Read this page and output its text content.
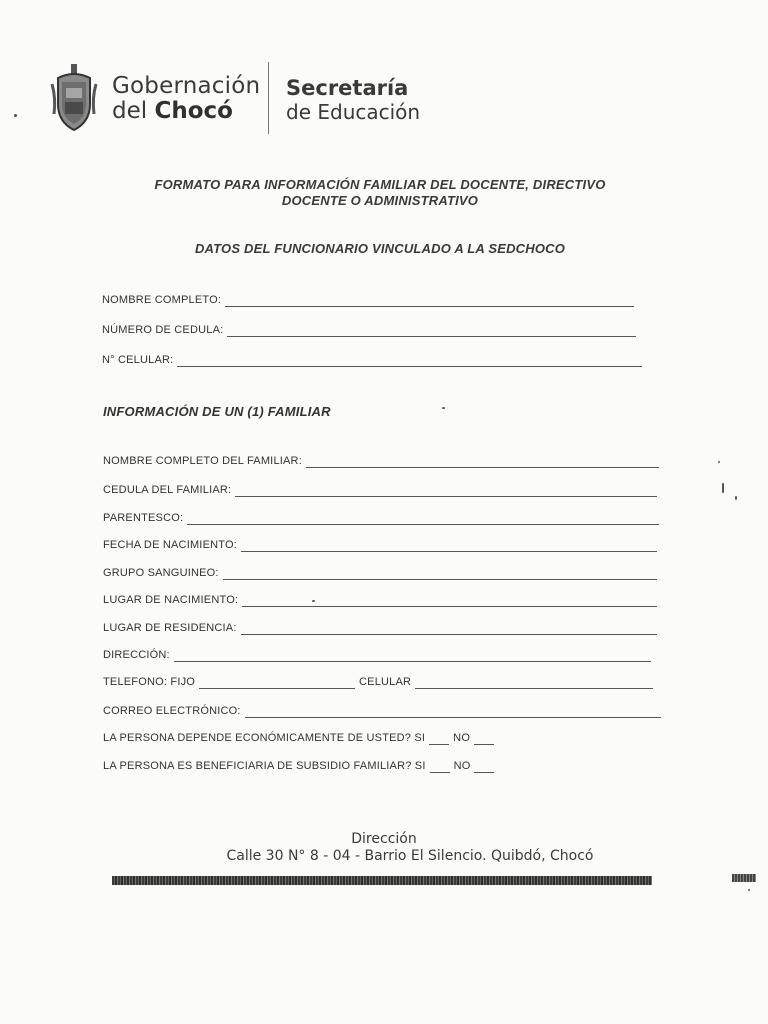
Gobernación
del Chocó
Secretaría
de Educación
FORMATO PARA INFORMACIÓN FAMILIAR DEL DOCENTE, DIRECTIVO
DOCENTE O ADMINISTRATIVO
DATOS DEL FUNCIONARIO VINCULADO A LA SEDCHOCO
NOMBRE COMPLETO:
NÚMERO DE CEDULA:
N° CELULAR:
INFORMACIÓN DE UN (1) FAMILIAR
NOMBRE COMPLETO DEL FAMILIAR:
CEDULA DEL FAMILIAR:
PARENTESCO:
FECHA DE NACIMIENTO:
GRUPO SANGUINEO:
LUGAR DE NACIMIENTO:
LUGAR DE RESIDENCIA:
DIRECCIÓN:
TELEFONO: FIJO	CELULAR
CORREO ELECTRÓNICO:
LA PERSONA DEPENDE ECONÓMICAMENTE DE USTED? SI	NO
LA PERSONA ES BENEFICIARIA DE SUBSIDIO FAMILIAR? SI	NO
Dirección
Calle 30 N° 8 - 04 - Barrio El Silencio. Quibdó, Chocó
